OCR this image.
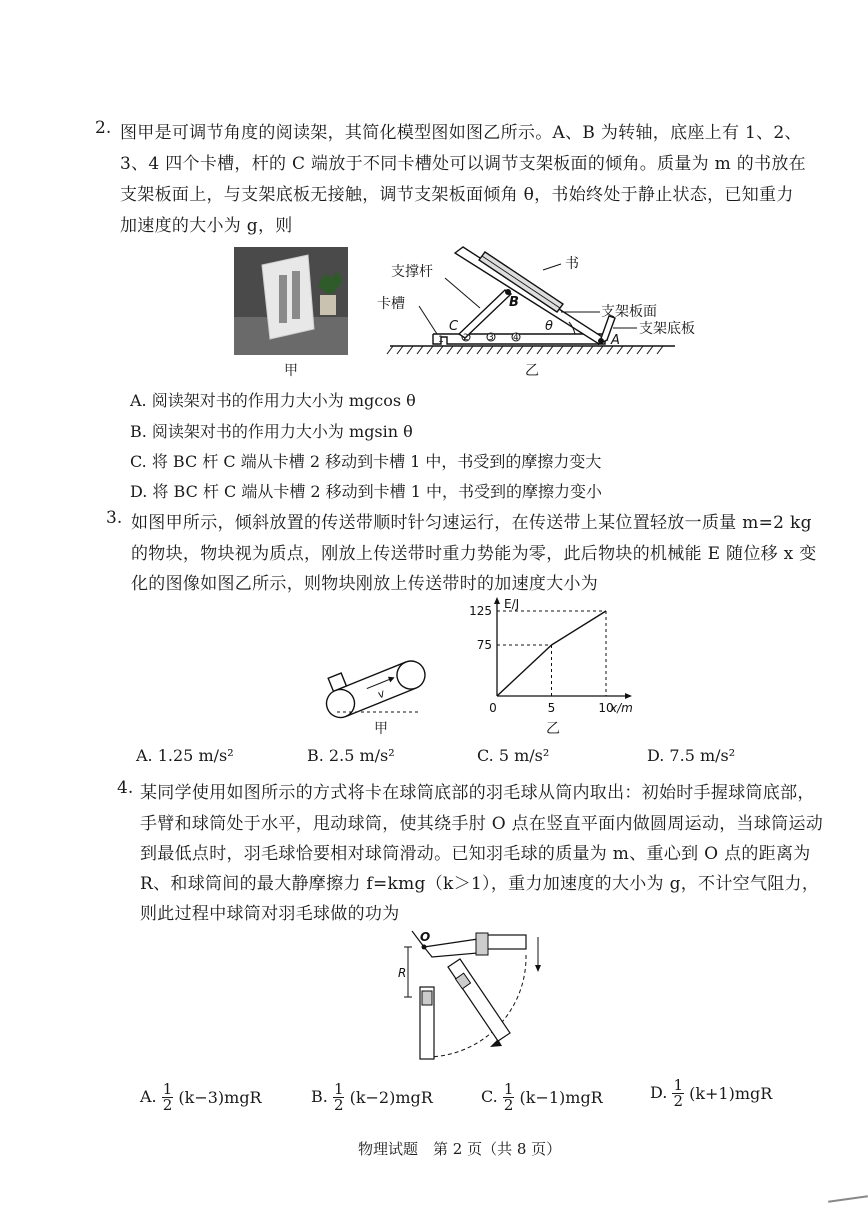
2. 图甲是可调节角度的阅读架，其简化模型图如图乙所示。A、B 为转轴，底座上有 1、2、
3、4 四个卡槽，杆的 C 端放于不同卡槽处可以调节支架板面的倾角。质量为 m 的书放在
支架板面上，与支架底板无接触，调节支架板面倾角 θ，书始终处于静止状态，已知重力
加速度的大小为 g，则
甲
书
支撑杆
卡槽	支架板面
支架底板
B
C
A
θ
1 2 3 4
乙
A. 阅读架对书的作用力大小为 mgcos θ
B. 阅读架对书的作用力大小为 mgsin θ
C. 将 BC 杆 C 端从卡槽 2 移动到卡槽 1 中，书受到的摩擦力变大
D. 将 BC 杆 C 端从卡槽 2 移动到卡槽 1 中，书受到的摩擦力变小
3. 如图甲所示，倾斜放置的传送带顺时针匀速运行，在传送带上某位置轻放一质量 m=2 kg
的物块，物块视为质点，刚放上传送带时重力势能为零，此后物块的机械能 E 随位移 x 变
化的图像如图乙所示，则物块刚放上传送带时的加速度大小为
v
甲
E/J
x/m
0	5	10
75
125
乙
A. 1.25 m/s²	B. 2.5 m/s²	C. 5 m/s²	D. 7.5 m/s²
4. 某同学使用如图所示的方式将卡在球筒底部的羽毛球从筒内取出：初始时手握球筒底部，
手臂和球筒处于水平，甩动球筒，使其绕手肘 O 点在竖直平面内做圆周运动，当球筒运动
到最低点时，羽毛球恰要相对球筒滑动。已知羽毛球的质量为 m、重心到 O 点的距离为
R、和球筒间的最大静摩擦力 f=kmg（k＞1），重力加速度的大小为 g，不计空气阻力，
则此过程中球筒对羽毛球做的功为
O
R
A. $\frac{1}{2} (k-3)mgR$	B. $\frac{1}{2} (k-2)mgR$	C. $\frac{1}{2} (k-1)mgR$	D. $\frac{1}{2} (k+1)mgR$
物理试题　第 2 页（共 8 页）
